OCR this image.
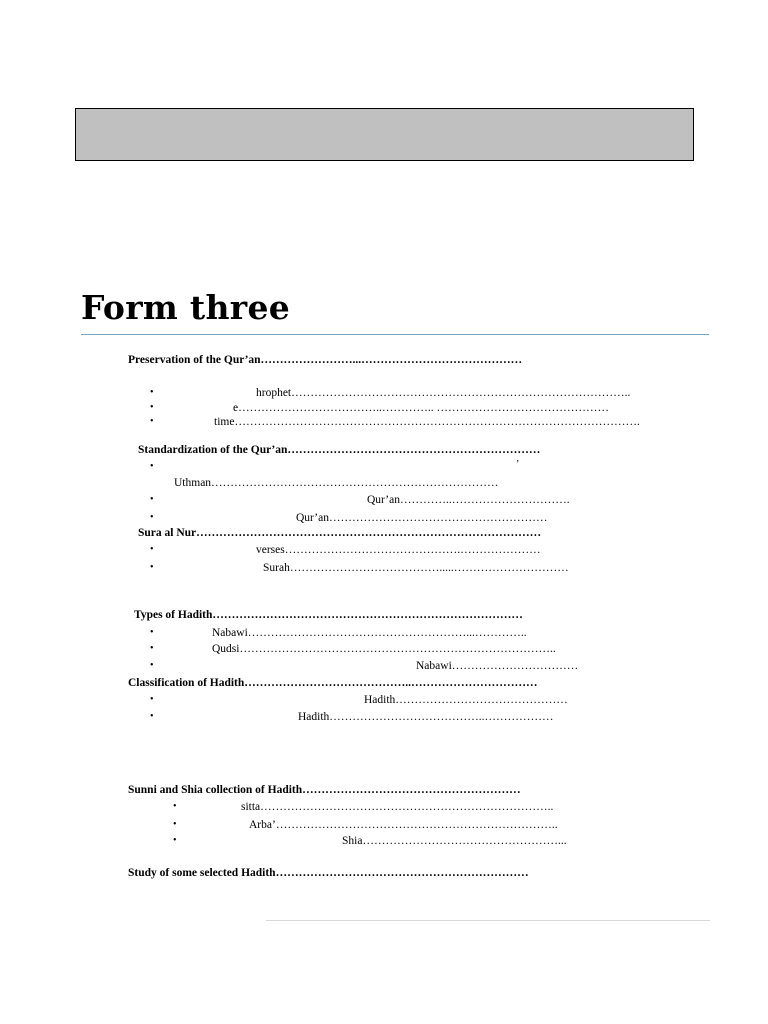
Form three
Preservation of the Qur’an……………………...……………………………………
•	hrophet……………………………………………………………………………..
•	e………………………………..………….. ………………………………………
•	time…………………………………………………………………………………………….
Standardization of the Qur’an…………………………………………………………
•	’
Uthman…………………………………………………………………
•	Qur’an…………..………………………….
•	Qur’an…………………………………………………
Sura al Nur………………………………………………………………………………
•	verses……………………………………….…………………
•	Surah………………………………….....…………………………
Types of Hadith………………………………………………………………………
•	Nabawi…………………………………………………...…………..
•	Qudsi………………………………………………………………………..
•	Nabawi……………………………
Classification of Hadith……………………………………..……………………………
•	Hadith………………………………………
•	Hadith…………………………………..………………
Sunni and Shia collection of Hadith…………………………………………………
•	sitta…………………………………………………………………..
•	Arba’………………………………………………………………..
•	Shia……………………………………………...
Study of some selected Hadith…………………………………………………………
